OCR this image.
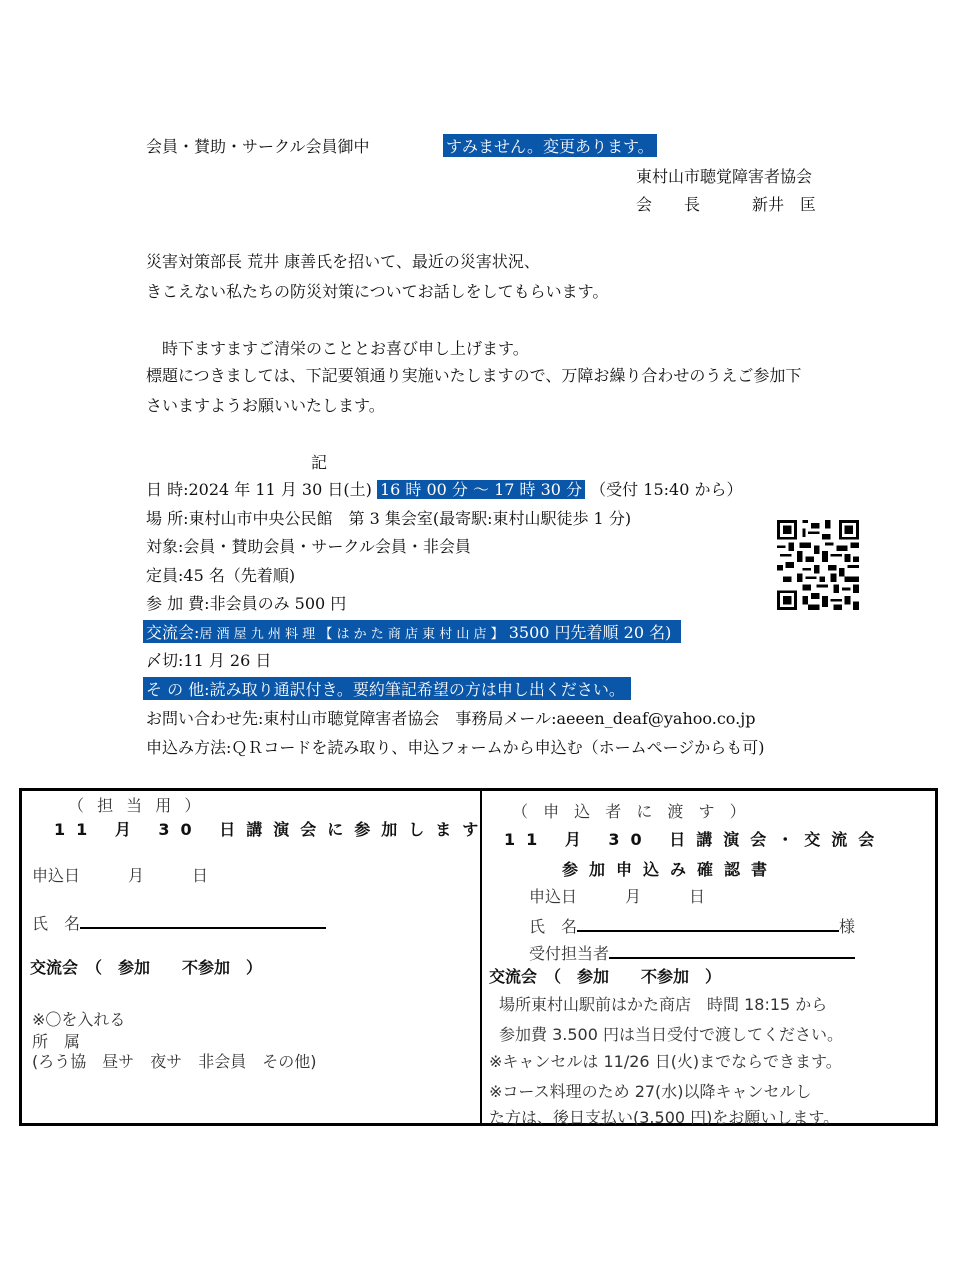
会員・賛助・サークル会員御中	すみません。変更あります。
東村山市聴覚障害者協会
会　　長	新井　匡
災害対策部長 荒井 康善氏を招いて、最近の災害状況、
きこえない私たちの防災対策についてお話しをしてもらいます。
　時下ますますご清栄のこととお喜び申し上げます。
標題につきましては、下記要領通り実施いたしますので、万障お繰り合わせのうえご参加下
さいますようお願いいたします。
記
日 時:2024 年 11 月 30 日(土) 16 時 00 分 ～ 17 時 30 分 （受付 15:40 から）
場 所:東村山市中央公民館　第 3 集会室(最寄駅:東村山駅徒歩 1 分)
対象:会員・賛助会員・サークル会員・非会員
定員:45 名（先着順)
参 加 費:非会員のみ 500 円
交流会:居 酒 屋 九 州 料 理 【 は か た 商 店 東 村 山 店 】 3500 円先着順 20 名)
〆切:11 月 26 日
そ の 他:読み取り通訳付き。要約筆記希望の方は申し出ください。
お問い合わせ先:東村山市聴覚障害者協会　事務局メール:aeeen_deaf@yahoo.co.jp
申込み方法:ＱＲコードを読み取り、申込フォームから申込む（ホームページからも可)
（ 担 当 用 ）
11 月 30 日講演会に参加します
申込日　　　月　　　日
氏　名
交流会　（　参加　　不参加　）
※〇を入れる
所　属
(ろう協　昼サ　夜サ　非会員　その他)
（ 申 込 者 に 渡 す ）
11 月 30 日講演会・交流会
参加申込み確認書
申込日　　　月　　　日
氏　名	様
受付担当者
交流会　（　参加　　不参加　）
場所東村山駅前はかた商店　時間 18:15 から
参加費 3.500 円は当日受付で渡してください。
※キャンセルは 11/26 日(火)までならできます。
※コース料理のため 27(水)以降キャンセルし
た方は、後日支払い(3.500 円)をお願いします。
